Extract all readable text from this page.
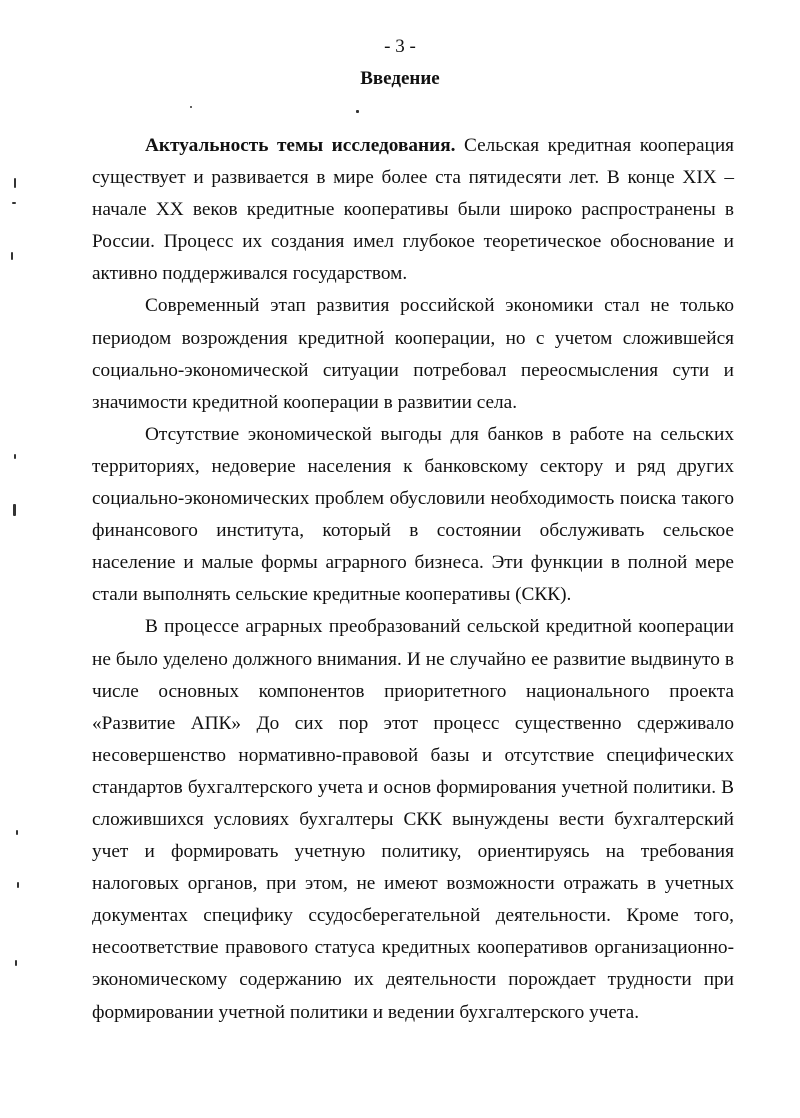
- 3 -
Введение

Актуальность темы исследования. Сельская кредитная кооперация существует и развивается в мире более ста пятидесяти лет. В конце XIX – начале XX веков кредитные кооперативы были широко распространены в России. Процесс их создания имел глубокое теоретическое обоснование и активно поддерживался государством.

Современный этап развития российской экономики стал не только периодом возрождения кредитной кооперации, но с учетом сложившейся социально-экономической ситуации потребовал переосмысления сути и значимости кредитной кооперации в развитии села.

Отсутствие экономической выгоды для банков в работе на сельских территориях, недоверие населения к банковскому сектору и ряд других социально-экономических проблем обусловили необходимость поиска такого финансового института, который в состоянии обслуживать сельское население и малые формы аграрного бизнеса. Эти функции в полной мере стали выполнять сельские кредитные кооперативы (СКК).

В процессе аграрных преобразований сельской кредитной кооперации не было уделено должного внимания. И не случайно ее развитие выдвинуто в числе основных компонентов приоритетного национального проекта «Развитие АПК» До сих пор этот процесс существенно сдерживало несовершенство нормативно-правовой базы и отсутствие специфических стандартов бухгалтерского учета и основ формирования учетной политики. В сложившихся условиях бухгалтеры СКК вынуждены вести бухгалтерский учет и формировать учетную политику, ориентируясь на требования налоговых органов, при этом, не имеют возможности отражать в учетных документах специфику ссудосберегательной деятельности. Кроме того, несоответствие правового статуса кредитных кооперативов организационно-экономическому содержанию их деятельности порождает трудности при формировании учетной политики и ведении бухгалтерского учета.
